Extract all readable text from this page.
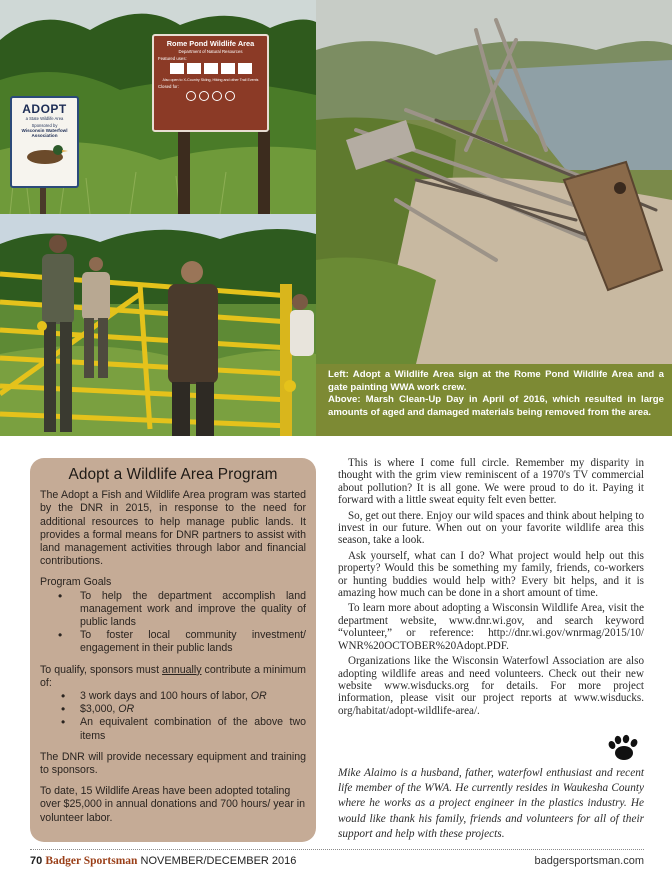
Rome Pond Wildlife Area
Department of Natural Resources
Featured uses:
Also open to X-Country Skiing, Hiking and other Trail Events
Closed for:
ADOPT
a State Wildlife Area
Sponsored by
Wisconsin Waterfowl
Association

Left: Adopt a Wildlife Area sign at the Rome Pond Wildlife Area and a gate painting WWA work crew.

Above: Marsh Clean-Up Day in April of 2016, which resulted in large amounts of aged and damaged materials being removed from the area.

Adopt a Wildlife Area Program

The Adopt a Fish and Wildlife Area program was started by the DNR in 2015, in response to the need for additional resources to help manage public lands. It provides a formal means for DNR partners to assist with land management activities through labor and financial contributions.

Program Goals

• To help the department accomplish land management work and improve the quality of public lands
• To foster local community investment/ engagement in their public lands

To qualify, sponsors must annually contribute a minimum of:

• 3 work days and 100 hours of labor, OR
• $3,000, OR
• An equivalent combination of the above two items

The DNR will provide necessary equipment and training to sponsors.

To date, 15 Wildlife Areas have been adopted totaling over $25,000 in annual donations and 700 hours/ year in volunteer labor.

This is where I come full circle. Remember my disparity in thought with the grim view reminiscent of a 1970's TV commercial about pollution? It is all gone. We were proud to do it. Paying it forward with a little sweat equity felt even better.

So, get out there. Enjoy our wild spaces and think about helping to invest in our future. When out on your favorite wildlife area this season, take a look.

Ask yourself, what can I do? What project would help out this property? Would this be something my family, friends, co-workers or hunting buddies would help with? Every bit helps, and it is amazing how much can be done in a short amount of time.

To learn more about adopting a Wisconsin Wildlife Area, visit the department website, www.dnr.wi.gov, and search keyword “volunteer,” or reference: http://dnr.wi.gov/wnrmag/2015/10/ WNR%20OCTOBER%20Adopt.PDF.

Organizations like the Wisconsin Waterfowl Association are also adopting wildlife areas and need volunteers. Check out their new website www.wisducks.org for details. For more project information, please visit our project reports at www.wisducks. org/habitat/adopt-wildlife-area/.

Mike Alaimo is a husband, father, waterfowl enthusiast and recent life member of the WWA. He currently resides in Waukesha County where he works as a project engineer in the plastics industry. He would like thank his family, friends and volunteers for all of their support and help with these projects.

70 Badger Sportsman NOVEMBER/DECEMBER 2016	badgersportsman.com
